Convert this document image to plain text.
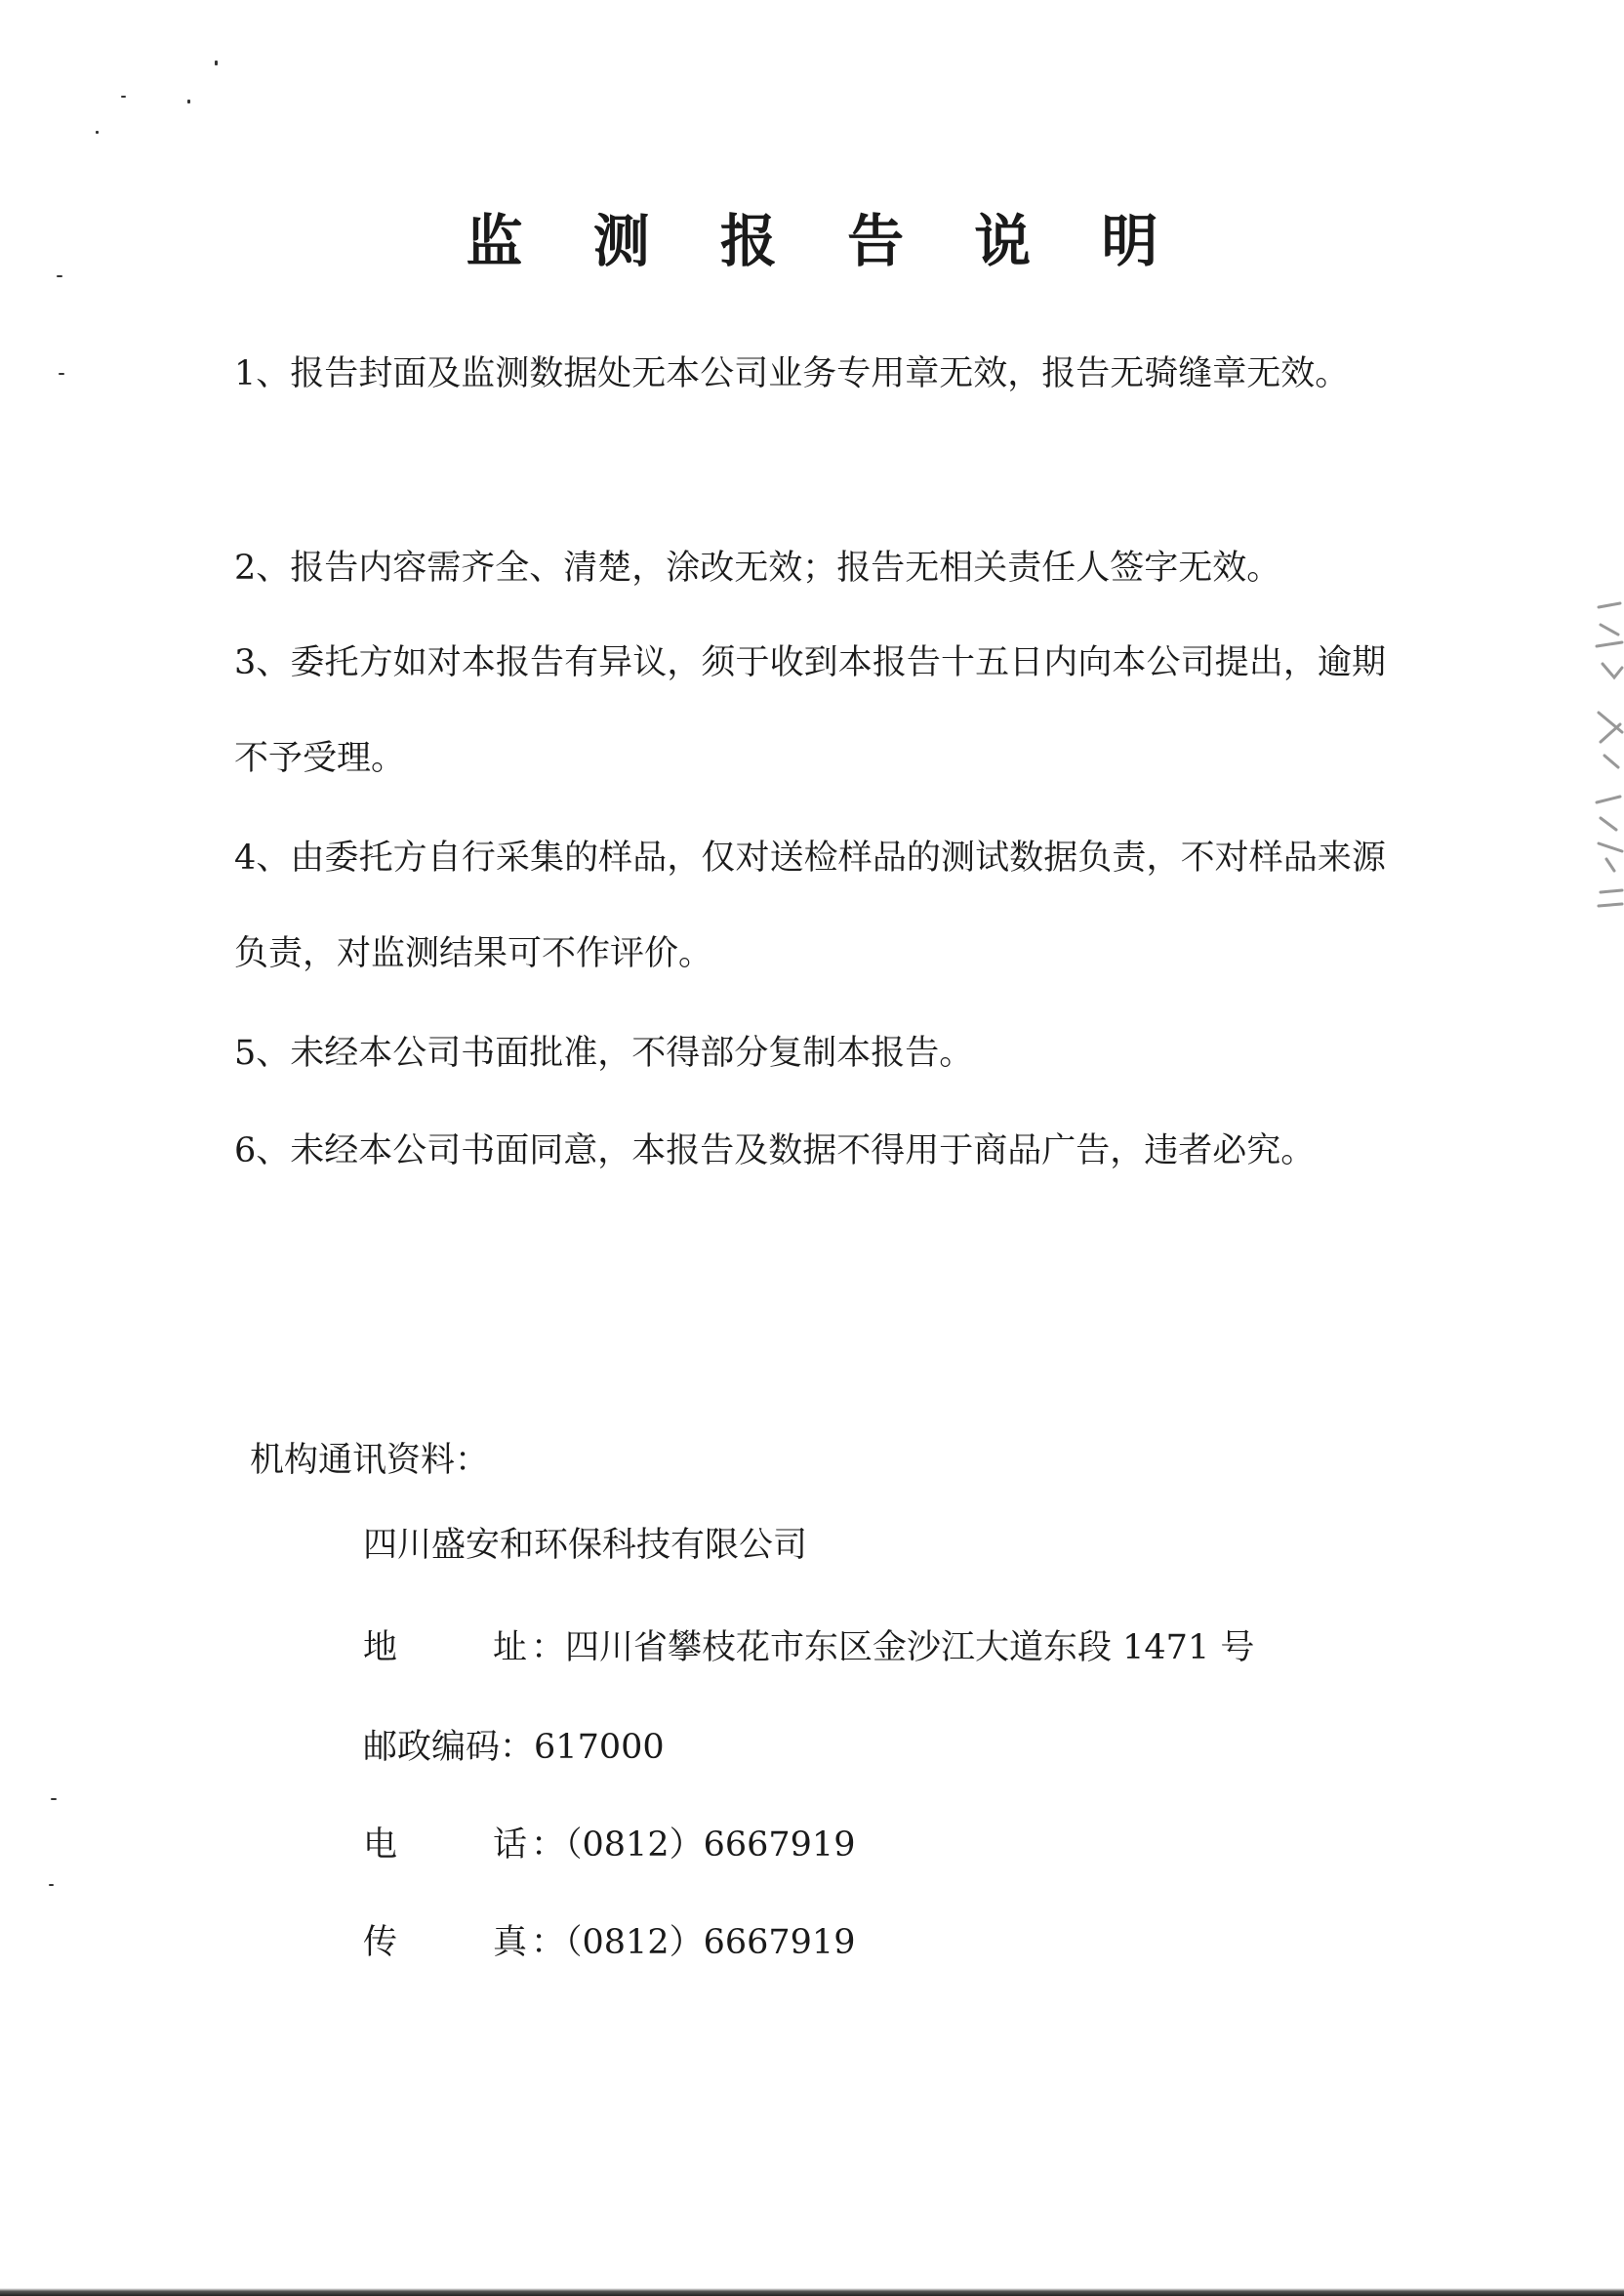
监 测 报 告 说 明
1、报告封面及监测数据处无本公司业务专用章无效，报告无骑缝章无效。
2、报告内容需齐全、清楚，涂改无效；报告无相关责任人签字无效。
3、委托方如对本报告有异议，须于收到本报告十五日内向本公司提出，逾期不予受理。
4、由委托方自行采集的样品，仅对送检样品的测试数据负责，不对样品来源负责，对监测结果可不作评价。
5、未经本公司书面批准，不得部分复制本报告。
6、未经本公司书面同意，本报告及数据不得用于商品广告，违者必究。
机构通讯资料：
四川盛安和环保科技有限公司
地	址 ：四川省攀枝花市东区金沙江大道东段 1471 号
邮政编码：617000
电	话 ：（0812）6667919
传	真 ：（0812）6667919
